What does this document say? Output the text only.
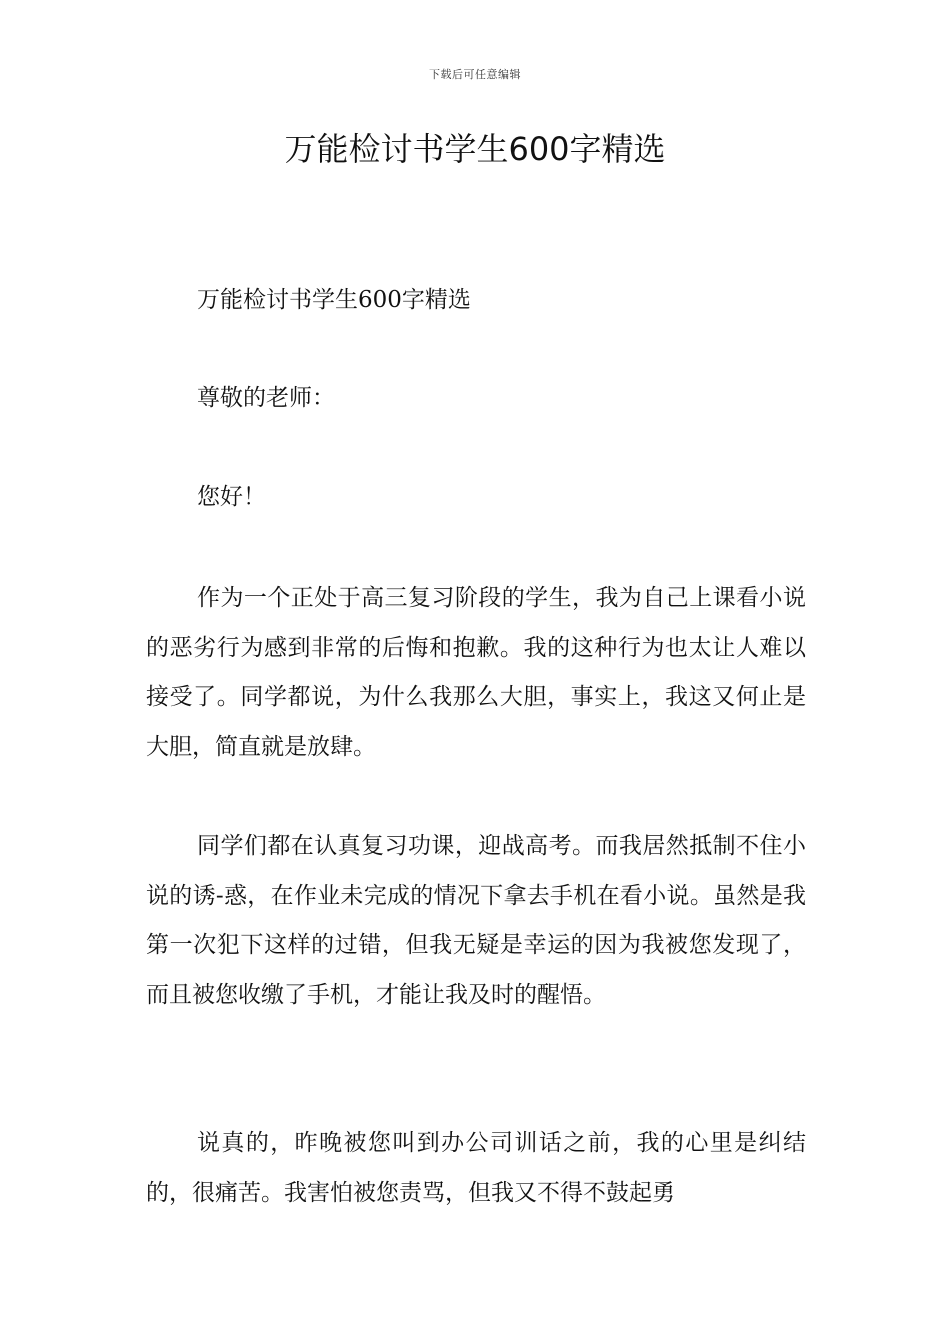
下载后可任意编辑
万能检讨书学生600字精选

万能检讨书学生600字精选

尊敬的老师：

您好！

作为一个正处于高三复习阶段的学生，我为自己上课看小说的恶劣行为感到非常的后悔和抱歉。我的这种行为也太让人难以接受了。同学都说，为什么我那么大胆，事实上，我这又何止是大胆，简直就是放肆。

同学们都在认真复习功课，迎战高考。而我居然抵制不住小说的诱-惑，在作业未完成的情况下拿去手机在看小说。虽然是我第一次犯下这样的过错，但我无疑是幸运的因为我被您发现了，而且被您收缴了手机，才能让我及时的醒悟。

说真的，昨晚被您叫到办公司训话之前，我的心里是纠结的，很痛苦。我害怕被您责骂，但我又不得不鼓起勇
